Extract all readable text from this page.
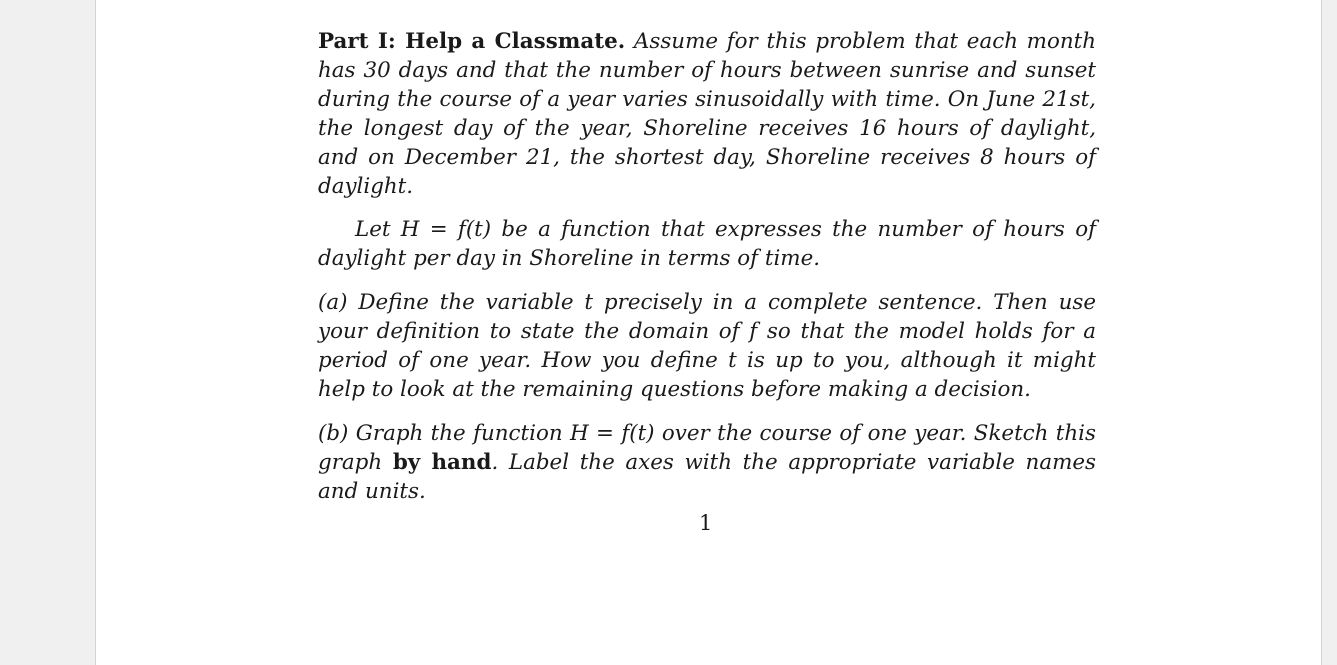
Part I: Help a Classmate. Assume for this problem that each month has 30 days and that the number of hours between sunrise and sunset during the course of a year varies sinusoidally with time. On June 21st, the longest day of the year, Shoreline receives 16 hours of daylight, and on December 21, the shortest day, Shoreline receives 8 hours of daylight.

Let H = f(t) be a function that expresses the number of hours of daylight per day in Shoreline in terms of time.

(a) Define the variable t precisely in a complete sentence. Then use your definition to state the domain of f so that the model holds for a period of one year. How you define t is up to you, although it might help to look at the remaining questions before making a decision.

(b) Graph the function H = f(t) over the course of one year. Sketch this graph by hand. Label the axes with the appropriate variable names and units.

1
